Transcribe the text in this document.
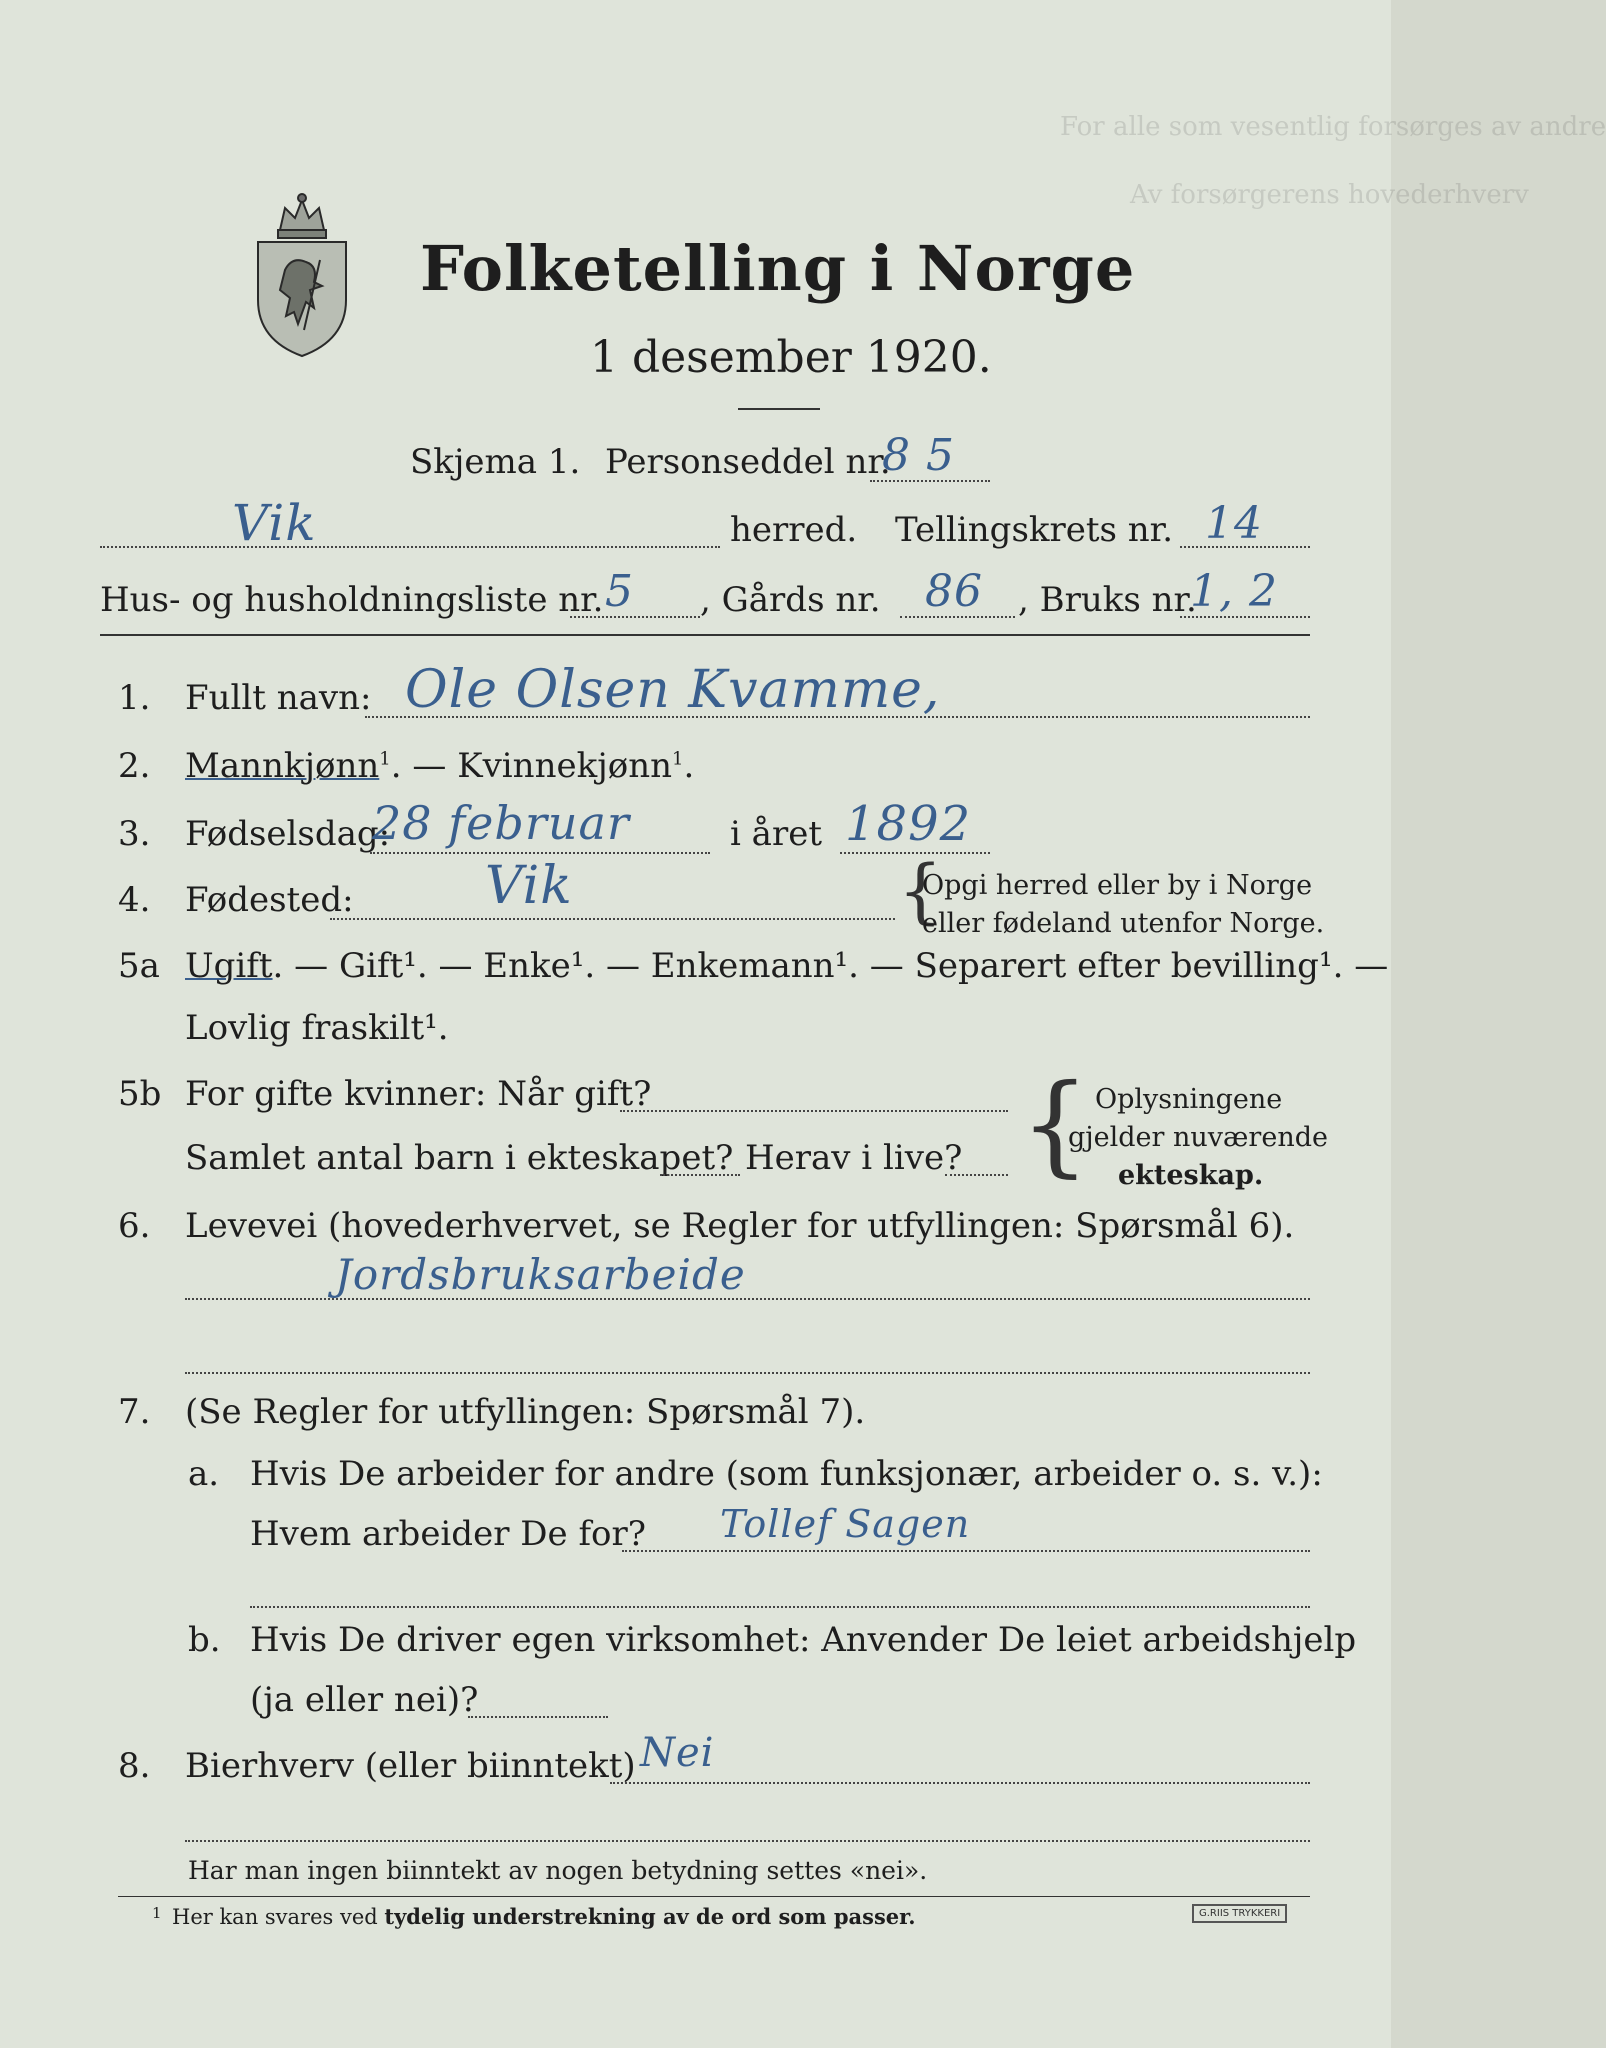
For alle som vesentlig forsørges av andre
Av forsørgerens hovederhverv
Folketelling i Norge
1 desember 1920.
Skjema 1. Personseddel nr.
8 5
Vik	herred. Tellingskrets nr. 14
Hus- og husholdningsliste nr. 5 , Gårds nr. 86 , Bruks nr.
1, 2
1. Fullt navn: Ole Olsen Kvamme,
2. Mannkjønn$^1$. — Kvinnekjønn$^1$.
3. Fødselsdag:
28 februar	i året 1892
4. Fødested:	Vik	{
Opgi herred eller by i Norge
eller fødeland utenfor Norge.
5a Ugift. — Gift¹. — Enke¹. — Enkemann¹. — Separert efter bevilling¹. —
Lovlig fraskilt¹.
5b For gifte kvinner: Når gift?
Samlet antal barn i ekteskapet? Herav i live? { Oplysningene
gjelder nuværende
ekteskap.
6. Levevei (hovederhvervet, se Regler for utfyllingen: Spørsmål 6).
Jordsbruksarbeide
7. (Se Regler for utfyllingen: Spørsmål 7).
a. Hvis De arbeider for andre (som funksjonær, arbeider o. s. v.):
Hvem arbeider De for? Tollef Sagen
b. Hvis De driver egen virksomhet: Anvender De leiet arbeidshjelp
(ja eller nei)?
8. Bierhverv (eller biinntekt) Nei
Har man ingen biinntekt av nogen betydning settes «nei».
1 Her kan svares ved tydelig understrekning av de ord som passer.	G.RIIS TRYKKERI
